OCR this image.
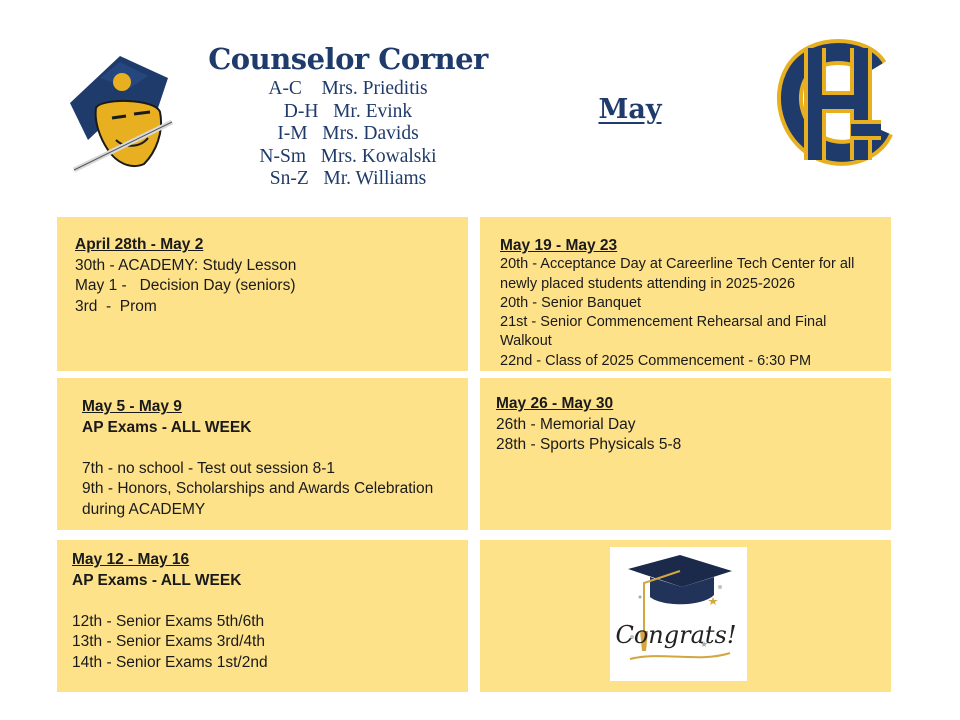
Counselor Corner
A-C Mrs. Prieditis
D-H Mr. Evink
I-M Mrs. Davids
N-Sm Mrs. Kowalski
Sn-Z Mr. Williams
May
April 28th - May 2
30th - ACADEMY: Study Lesson
May 1 -   Decision Day (seniors)
3rd  -  Prom
May 19 - May 23
20th - Acceptance Day at Careerline Tech Center for all newly placed students attending in 2025-2026
20th - Senior Banquet
21st - Senior Commencement Rehearsal and Final Walkout
22nd - Class of 2025 Commencement - 6:30 PM
May 5 - May 9
AP Exams - ALL WEEK
7th - no school - Test out session 8-1
9th - Honors, Scholarships and Awards Celebration during ACADEMY
May 26 - May 30
26th - Memorial Day
28th - Sports Physicals 5-8
May 12 - May 16
AP Exams - ALL WEEK
12th - Senior Exams 5th/6th
13th - Senior Exams 3rd/4th
14th - Senior Exams 1st/2nd
Congrats!
